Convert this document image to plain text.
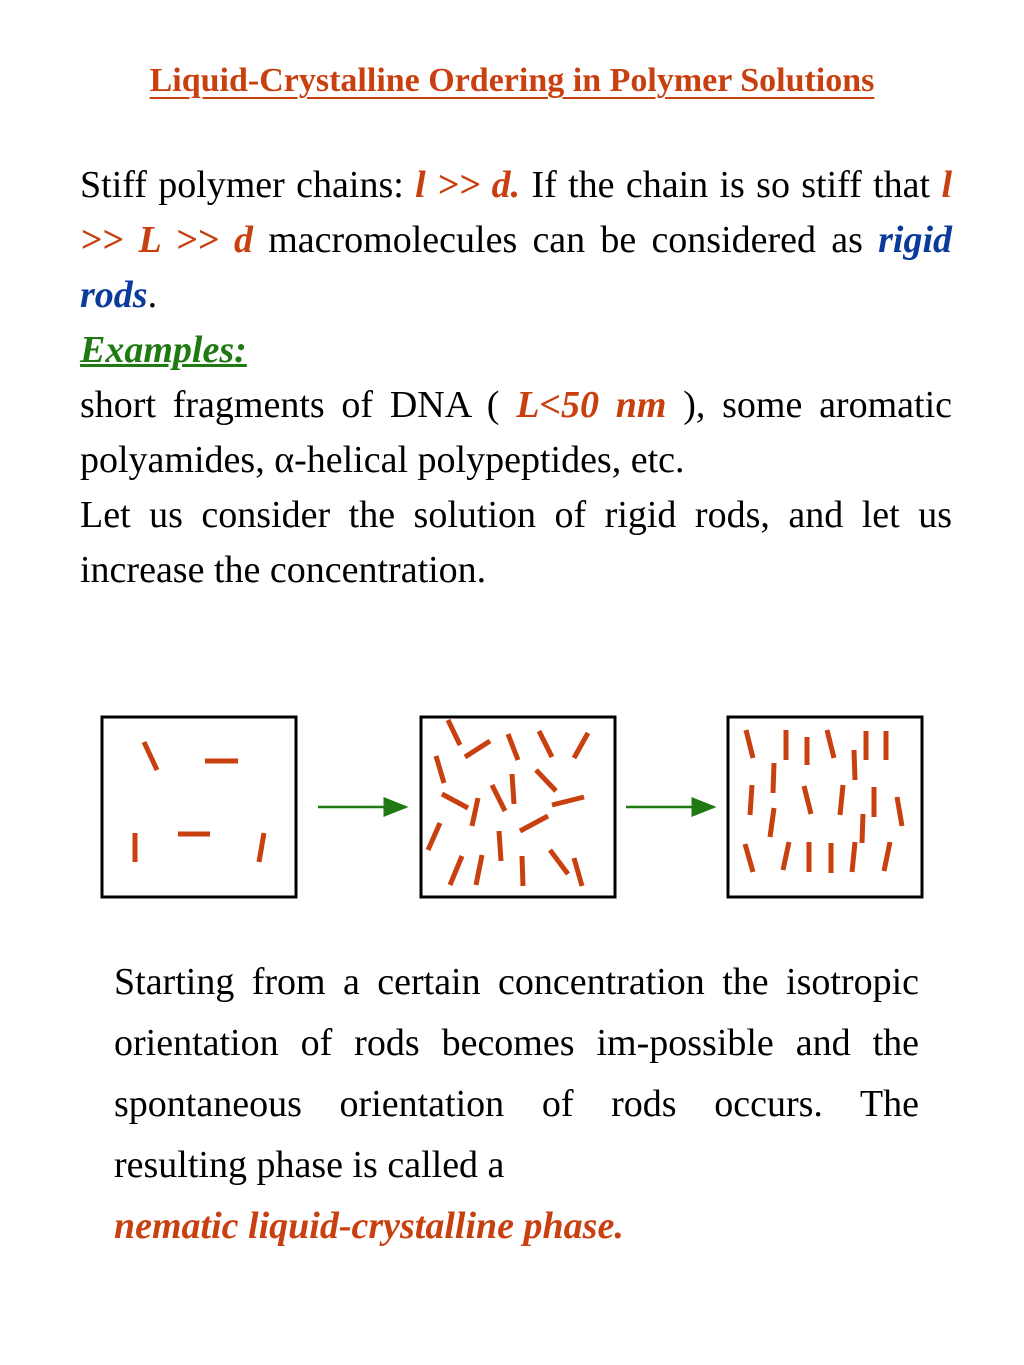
Liquid-Crystalline Ordering in Polymer Solutions

Stiff polymer chains: l >> d. If the chain is so stiff that l >> L >> d macromolecules can be considered as rigid rods.

Examples:

short fragments of DNA ( L<50 nm ), some aromatic polyamides, α-helical polypeptides, etc.

Let us consider the solution of rigid rods, and let us increase the concentration.

Starting from a certain concentration the isotropic orientation of rods becomes im-possible and the spontaneous orientation of rods occurs. The resulting phase is called a
nematic liquid-crystalline phase.
